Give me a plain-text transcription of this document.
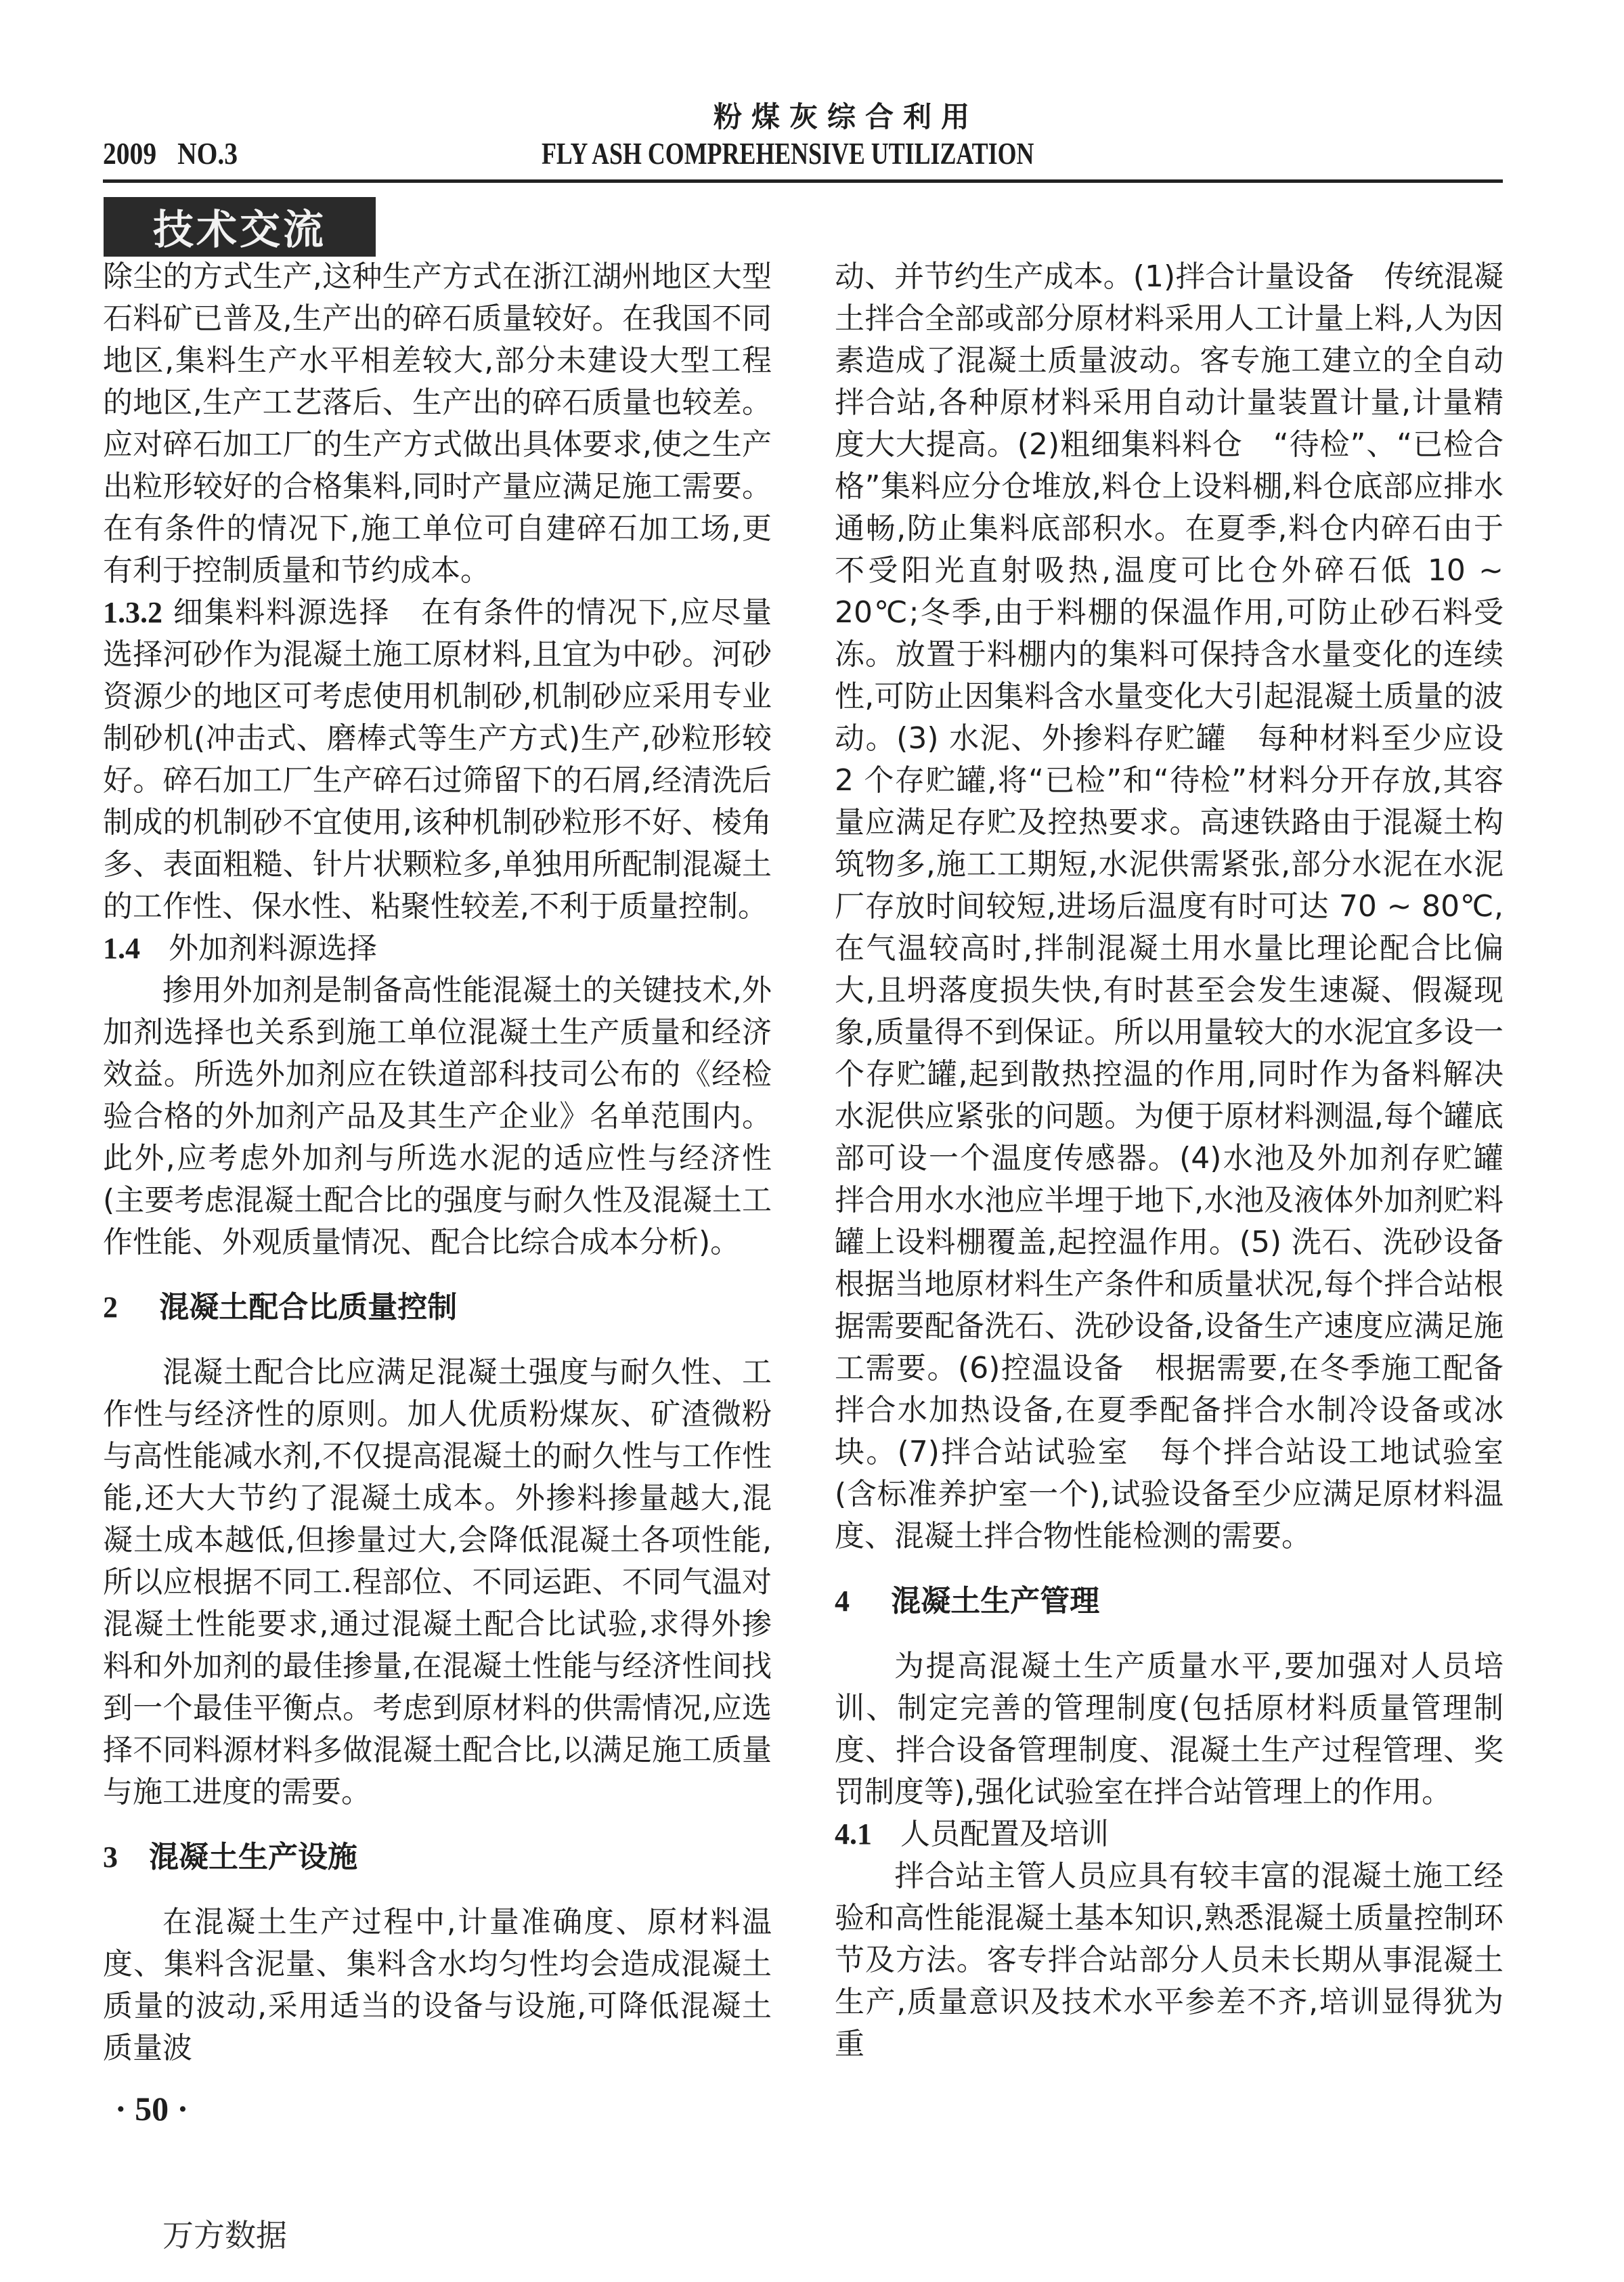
粉煤灰综合利用
2009 NO.3	FLY ASH COMPREHENSIVE UTILIZATION
技术交流

除尘的方式生产,这种生产方式在浙江湖州地区大型石料矿已普及,生产出的碎石质量较好。在我国不同地区,集料生产水平相差较大,部分未建设大型工程的地区,生产工艺落后、生产出的碎石质量也较差。应对碎石加工厂的生产方式做出具体要求,使之生产出粒形较好的合格集料,同时产量应满足施工需要。在有条件的情况下,施工单位可自建碎石加工场,更有利于控制质量和节约成本。

1.3.2 细集料料源选择　 在有条件的情况下,应尽量选择河砂作为混凝土施工原材料,且宜为中砂。河砂资源少的地区可考虑使用机制砂,机制砂应采用专业制砂机(冲击式、磨棒式等生产方式)生产,砂粒形较好。碎石加工厂生产碎石过筛留下的石屑,经清洗后制成的机制砂不宜使用,该种机制砂粒形不好、棱角多、表面粗糙、针片状颗粒多,单独用所配制混凝土的工作性、保水性、粘聚性较差,不利于质量控制。

1.4 外加剂料源选择

掺用外加剂是制备高性能混凝土的关键技术,外加剂选择也关系到施工单位混凝土生产质量和经济效益。所选外加剂应在铁道部科技司公布的《经检验合格的外加剂产品及其生产企业》名单范围内。此外,应考虑外加剂与所选水泥的适应性与经济性(主要考虑混凝土配合比的强度与耐久性及混凝土工作性能、外观质量情况、配合比综合成本分析)。

2 混凝土配合比质量控制

混凝土配合比应满足混凝土强度与耐久性、工作性与经济性的原则。加人优质粉煤灰、矿渣微粉与高性能减水剂,不仅提高混凝土的耐久性与工作性能,还大大节约了混凝土成本。外掺料掺量越大,混凝土成本越低,但掺量过大,会降低混凝土各项性能,所以应根据不同工.程部位、不同运距、不同气温对混凝土性能要求,通过混凝土配合比试验,求得外掺料和外加剂的最佳掺量,在混凝土性能与经济性间找到一个最佳平衡点。考虑到原材料的供需情况,应选择不同料源材料多做混凝土配合比,以满足施工质量与施工进度的需要。

3 混凝土生产设施

在混凝土生产过程中,计量准确度、原材料温度、集料含泥量、集料含水均匀性均会造成混凝土质量的波动,采用适当的设备与设施,可降低混凝土质量波

动、并节约生产成本。(1)拌合计量设备　传统混凝土拌合全部或部分原材料采用人工计量上料,人为因素造成了混凝土质量波动。客专施工建立的全自动拌合站,各种原材料采用自动计量装置计量,计量精度大大提高。(2)粗细集料料仓　“待检”、“已检合格”集料应分仓堆放,料仓上设料棚,料仓底部应排水通畅,防止集料底部积水。在夏季,料仓内碎石由于不受阳光直射吸热,温度可比仓外碎石低 10 ~ 20℃;冬季,由于料棚的保温作用,可防止砂石料受冻。放置于料棚内的集料可保持含水量变化的连续性,可防止因集料含水量变化大引起混凝土质量的波动。(3) 水泥、外掺料存贮罐　每种材料至少应设 2 个存贮罐,将“已检”和“待检”材料分开存放,其容量应满足存贮及控热要求。高速铁路由于混凝土构筑物多,施工工期短,水泥供需紧张,部分水泥在水泥厂存放时间较短,进场后温度有时可达 70 ~ 80℃,在气温较高时,拌制混凝土用水量比理论配合比偏大,且坍落度损失快,有时甚至会发生速凝、假凝现象,质量得不到保证。所以用量较大的水泥宜多设一个存贮罐,起到散热控温的作用,同时作为备料解决水泥供应紧张的问题。为便于原材料测温,每个罐底部可设一个温度传感器。(4)水池及外加剂存贮罐　拌合用水水池应半埋于地下,水池及液体外加剂贮料罐上设料棚覆盖,起控温作用。(5) 洗石、洗砂设备　根据当地原材料生产条件和质量状况,每个拌合站根据需要配备洗石、洗砂设备,设备生产速度应满足施工需要。(6)控温设备　根据需要,在冬季施工配备拌合水加热设备,在夏季配备拌合水制冷设备或冰块。(7)拌合站试验室　每个拌合站设工地试验室(含标准养护室一个),试验设备至少应满足原材料温度、混凝土拌合物性能检测的需要。

4 混凝土生产管理

为提高混凝土生产质量水平,要加强对人员培训、制定完善的管理制度(包括原材料质量管理制度、拌合设备管理制度、混凝土生产过程管理、奖罚制度等),强化试验室在拌合站管理上的作用。

4.1 人员配置及培训

拌合站主管人员应具有较丰富的混凝土施工经验和高性能混凝土基本知识,熟悉混凝土质量控制环节及方法。客专拌合站部分人员未长期从事混凝土生产,质量意识及技术水平参差不齐,培训显得犹为重

· 50 ·
万方数据
